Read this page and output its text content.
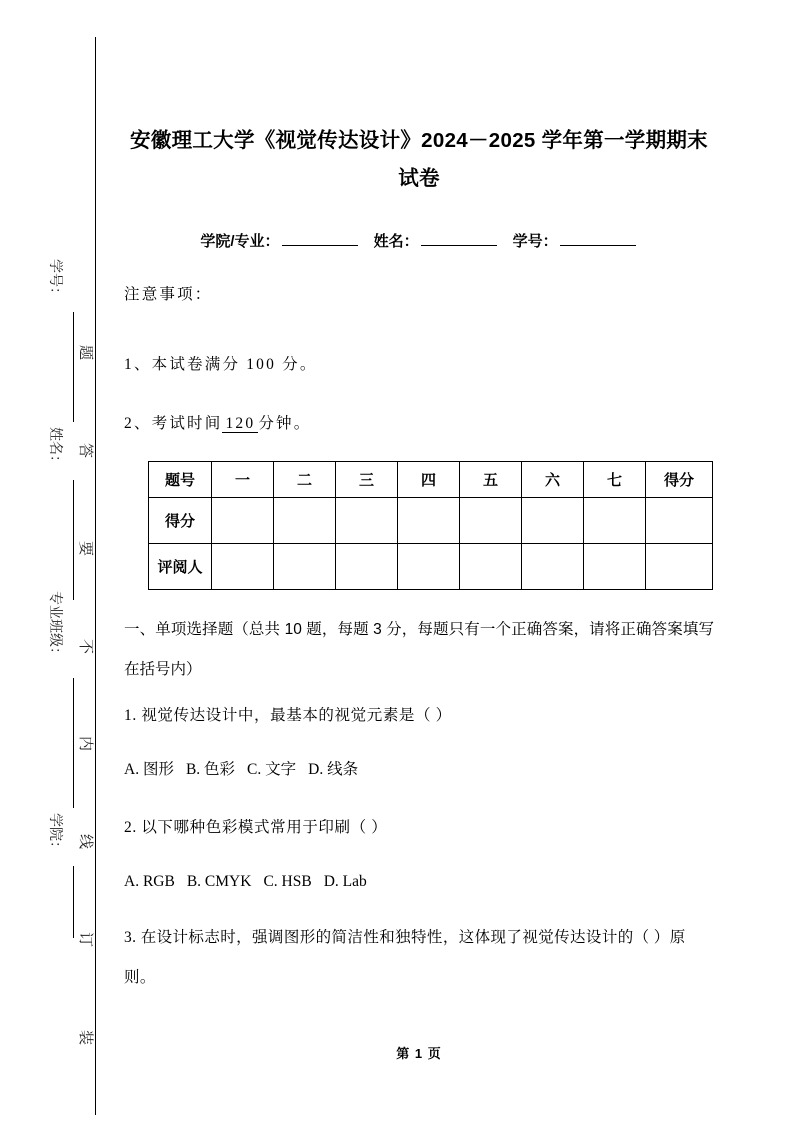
题
答
要
不
内
线
订
装
学号：
姓名：
专业班级：
学院：
安徽理工大学《视觉传达设计》2024－2025 学年第一学期期末试卷
学院/专业：	姓名：	学号：
注意事项：
1、本试卷满分 100 分。
2、考试时间 120 分钟。
题号	一	二	三	四	五	六	七	得分
得分								
评阅人								
一、单项选择题（总共 10 题，每题 3 分，每题只有一个正确答案，请将正确答案填写在括号内）
1. 视觉传达设计中，最基本的视觉元素是（ ）
A. 图形 B. 色彩 C. 文字 D. 线条
2. 以下哪种色彩模式常用于印刷（ ）
A. RGB B. CMYK C. HSB D. Lab
3. 在设计标志时，强调图形的简洁性和独特性，这体现了视觉传达设计的（ ）原则。
第 1 页
